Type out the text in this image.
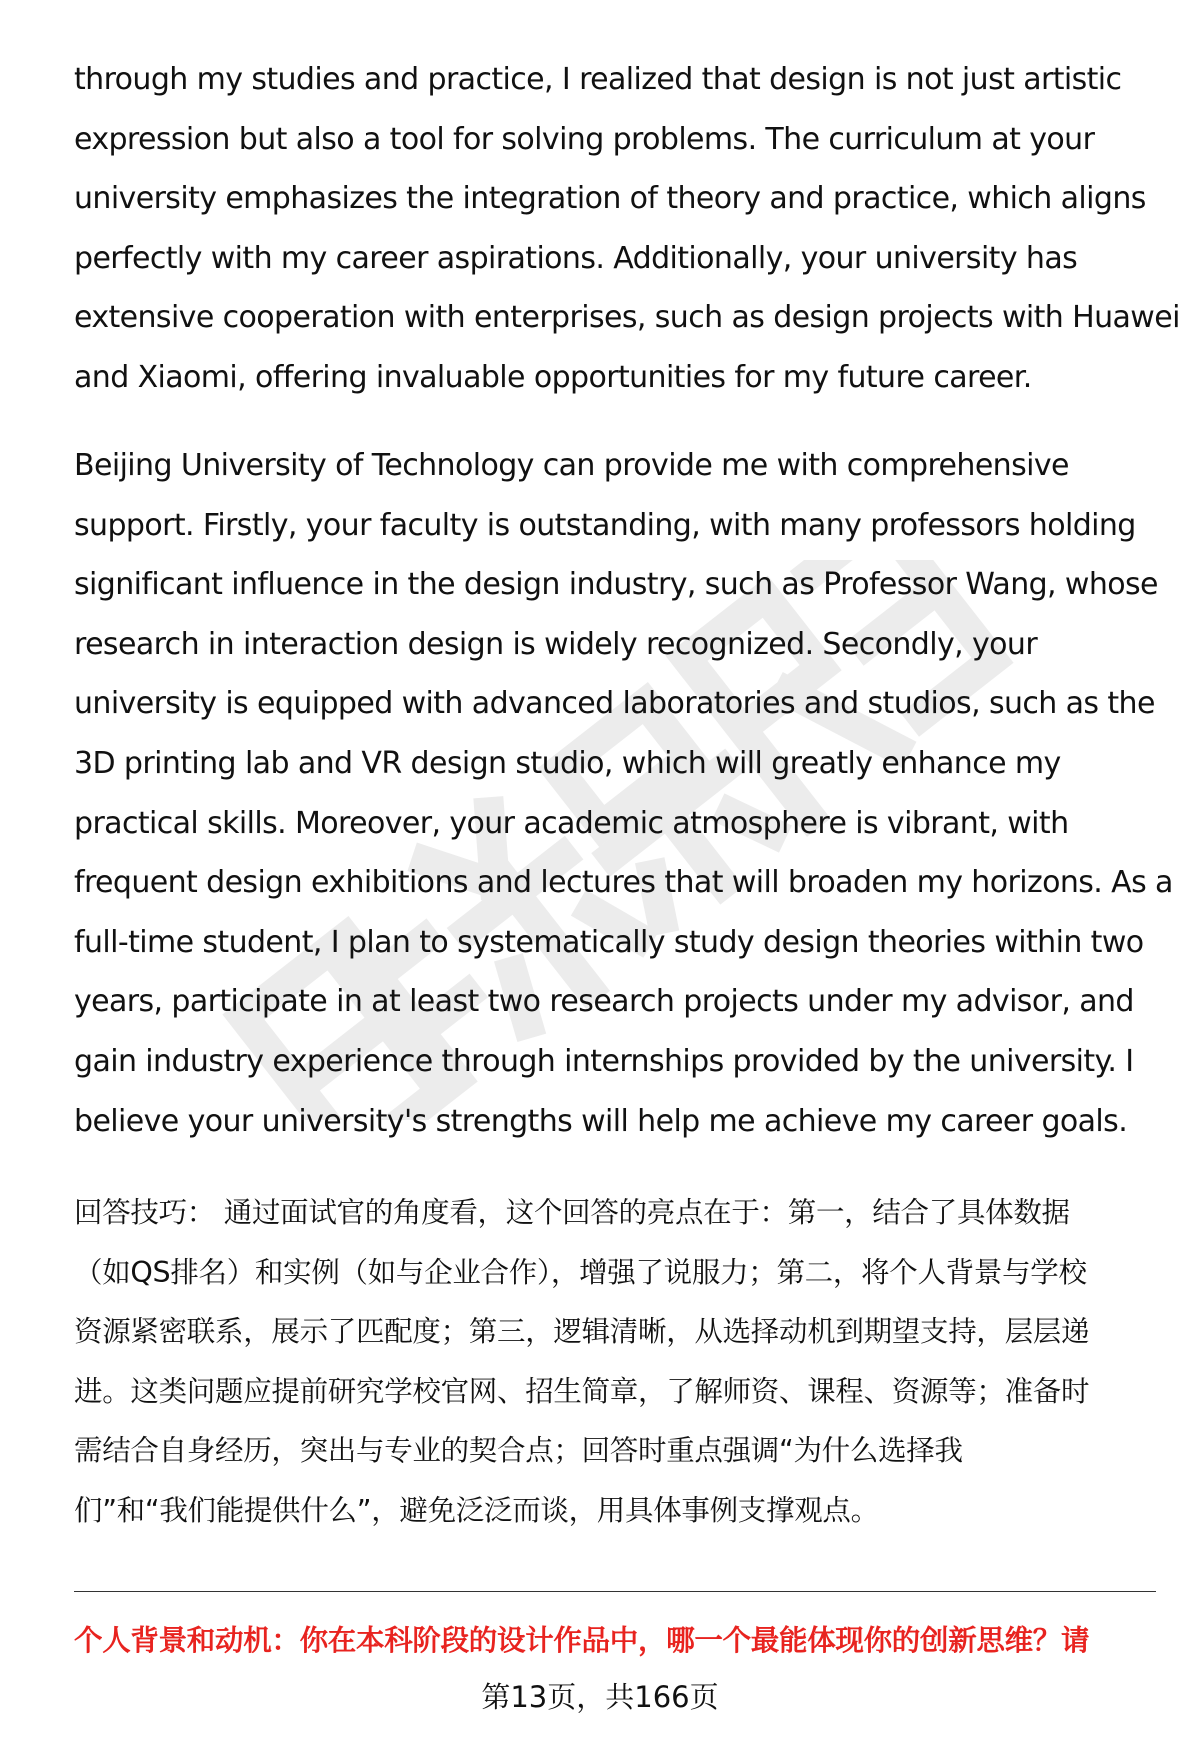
through my studies and practice, I realized that design is not just artistic
expression but also a tool for solving problems. The curriculum at your
university emphasizes the integration of theory and practice, which aligns
perfectly with my career aspirations. Additionally, your university has
extensive cooperation with enterprises, such as design projects with Huawei
and Xiaomi, offering invaluable opportunities for my future career.
Beijing University of Technology can provide me with comprehensive
support. Firstly, your faculty is outstanding, with many professors holding
significant influence in the design industry, such as Professor Wang, whose
research in interaction design is widely recognized. Secondly, your
university is equipped with advanced laboratories and studios, such as the
3D printing lab and VR design studio, which will greatly enhance my
practical skills. Moreover, your academic atmosphere is vibrant, with
frequent design exhibitions and lectures that will broaden my horizons. As a
full-time student, I plan to systematically study design theories within two
years, participate in at least two research projects under my advisor, and
gain industry experience through internships provided by the university. I
believe your university's strengths will help me achieve my career goals.
回答技巧： 通过面试官的角度看，这个回答的亮点在于：第一，结合了具体数据
（如QS排名）和实例（如与企业合作），增强了说服力；第二，将个人背景与学校
资源紧密联系，展示了匹配度；第三，逻辑清晰，从选择动机到期望支持，层层递
进。这类问题应提前研究学校官网、招生简章，了解师资、课程、资源等；准备时
需结合自身经历，突出与专业的契合点；回答时重点强调“为什么选择我
们”和“我们能提供什么”，避免泛泛而谈，用具体事例支撑观点。
个人背景和动机：你在本科阶段的设计作品中，哪一个最能体现你的创新思维？请
第13页，共166页
